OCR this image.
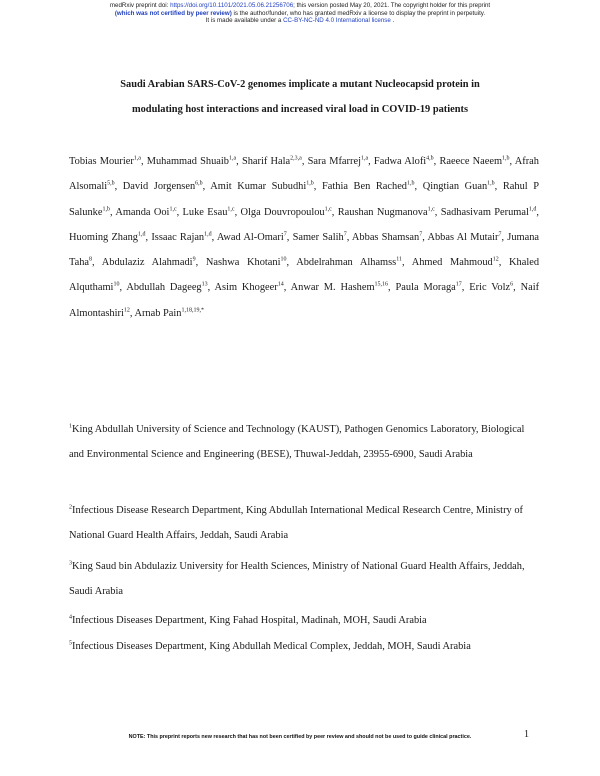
medRxiv preprint doi: https://doi.org/10.1101/2021.05.06.21256706; this version posted May 20, 2021. The copyright holder for this preprint
(which was not certified by peer review) is the author/funder, who has granted medRxiv a license to display the preprint in perpetuity.
It is made available under a CC-BY-NC-ND 4.0 International license .
Saudi Arabian SARS-CoV-2 genomes implicate a mutant Nucleocapsid protein in
modulating host interactions and increased viral load in COVID-19 patients
Tobias Mourier$^{1,a}$, Muhammad Shuaib$^{1,a}$, Sharif Hala$^{2,3,a}$, Sara Mfarrej$^{1,a}$, Fadwa Alofi$^{4,b}$, Raeece Naeem$^{1,b}$, Afrah Alsomali$^{5,b}$, David Jorgensen$^{6,b}$, Amit Kumar Subudhi$^{1,b}$, Fathia Ben Rached$^{1,b}$, Qingtian Guan$^{1,b}$, Rahul P Salunke$^{1,b}$, Amanda Ooi$^{1,c}$, Luke Esau$^{1,c}$, Olga Douvropoulou$^{1,c}$, Raushan Nugmanova$^{1,c}$, Sadhasivam Perumal$^{1,d}$, Huoming Zhang$^{1,d}$, Issaac Rajan$^{1,d}$, Awad Al-Omari$^7$, Samer Salih$^7$, Abbas Shamsan$^7$, Abbas Al Mutair$^7$, Jumana Taha$^8$, Abdulaziz Alahmadi$^9$, Nashwa Khotani$^{10}$, Abdelrahman Alhamss$^{11}$, Ahmed Mahmoud$^{12}$, Khaled Alquthami$^{10}$, Abdullah Dageeg$^{13}$, Asim Khogeer$^{14}$, Anwar M. Hashem$^{15,16}$, Paula Moraga$^{17}$, Eric Volz$^6$, Naif Almontashiri$^{12}$, Arnab Pain$^{1,18,19,*}$
$^1$King Abdullah University of Science and Technology (KAUST), Pathogen Genomics Laboratory, Biological and Environmental Science and Engineering (BESE), Thuwal-Jeddah, 23955-6900, Saudi Arabia
$^2$Infectious Disease Research Department, King Abdullah International Medical Research Centre, Ministry of National Guard Health Affairs, Jeddah, Saudi Arabia
$^3$King Saud bin Abdulaziz University for Health Sciences, Ministry of National Guard Health Affairs, Jeddah, Saudi Arabia
$^4$Infectious Diseases Department, King Fahad Hospital, Madinah, MOH, Saudi Arabia
$^5$Infectious Diseases Department, King Abdullah Medical Complex, Jeddah, MOH, Saudi Arabia
NOTE: This preprint reports new research that has not been certified by peer review and should not be used to guide clinical practice.	1
